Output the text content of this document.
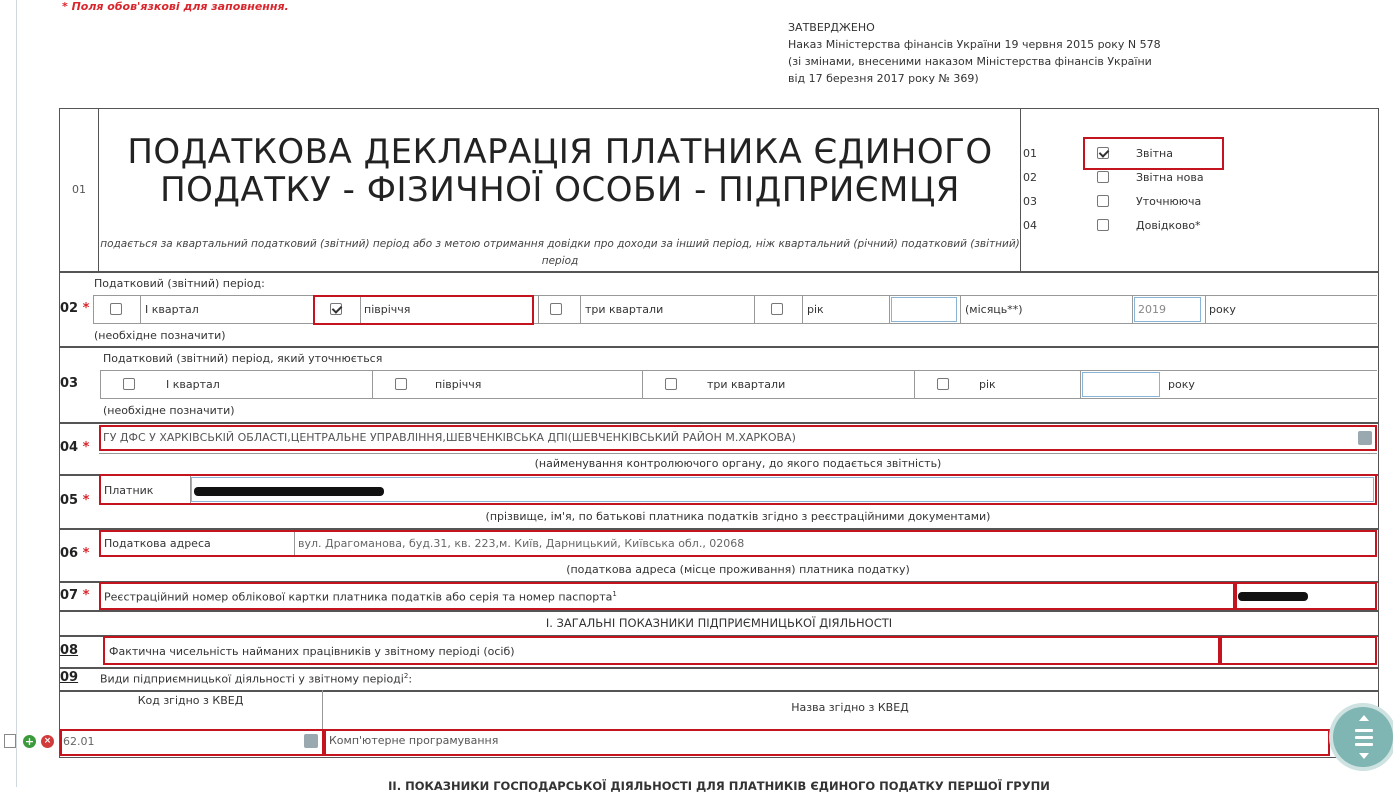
* Поля обов'язкові для заповнення.
ЗАТВЕРДЖЕНО
Наказ Міністерства фінансів України 19 червня 2015 року N 578
(зі змінами, внесеними наказом Міністерства фінансів України
від 17 березня 2017 року № 369)
01
ПОДАТКОВА ДЕКЛАРАЦІЯ ПЛАТНИКА ЄДИНОГО
ПОДАТКУ - ФІЗИЧНОЇ ОСОБИ - ПІДПРИЄМЦЯ
подається за квартальний податковий (звітний) період або з метою отримання довідки про доходи за інший період, ніж квартальний (річний) податковий (звітний) період
01	Звітна
02	Звітна нова
03	Уточнююча
04	Довідково*
02 *
Податковий (звітний) період:
І квартал	півріччя	три квартали	рік	(місяць**)	2019	року
(необхідне позначити)
03
Податковий (звітний) період, який уточнюється
І квартал	півріччя	три квартали	рік	року
(необхідне позначити)
04 *
ГУ ДФС У ХАРКІВСЬКІЙ ОБЛАСТІ,ЦЕНТРАЛЬНЕ УПРАВЛІННЯ,ШЕВЧЕНКІВСЬКА ДПІ(ШЕВЧЕНКІВСЬКИЙ РАЙОН М.ХАРКОВА)
(найменування контролюючого органу, до якого подається звітність)
05 *
Платник
(прізвище, ім'я, по батькові платника податків згідно з реєстраційними документами)
06 *
Податкова адреса	вул. Драгоманова, буд.31, кв. 223,м. Київ, Дарницький, Київська обл., 02068
(податкова адреса (місце проживання) платника податку)
07 * Реєстраційний номер облікової картки платника податків або серія та номер паспорта$^1$
І. ЗАГАЛЬНІ ПОКАЗНИКИ ПІДПРИЄМНИЦЬКОЇ ДІЯЛЬНОСТІ
08	Фактична чисельність найманих працівників у звітному періоді (осіб)
09 Види підприємницької діяльності у звітному періоді$^2$:
Код згідно з КВЕД
Назва згідно з КВЕД
62.01	Комп'ютерне програмування
+	×
ІІ. ПОКАЗНИКИ ГОСПОДАРСЬКОЇ ДІЯЛЬНОСТІ ДЛЯ ПЛАТНИКІВ ЄДИНОГО ПОДАТКУ ПЕРШОЇ ГРУПИ
